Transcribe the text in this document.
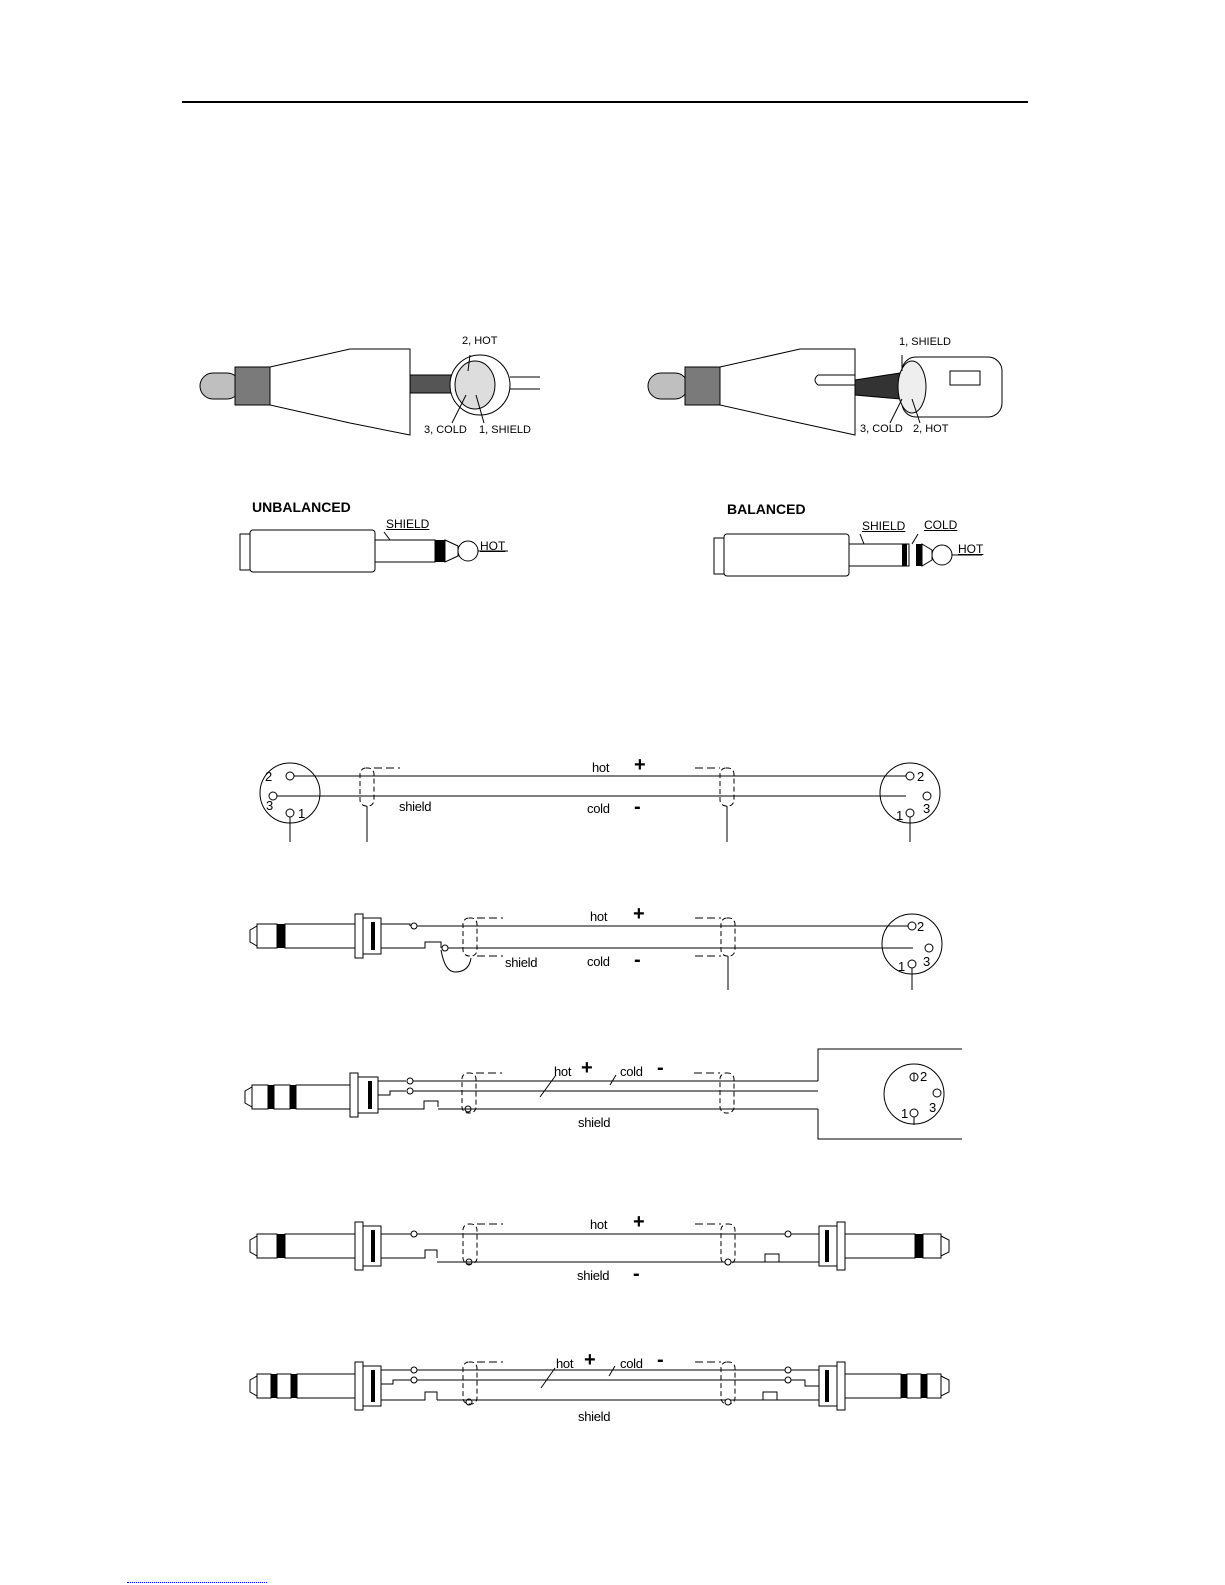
2, HOT
3, COLD 1, SHIELD
1, SHIELD
3, COLD 2, HOT
UNBALANCED
SHIELD
HOT
BALANCED
SHIELD COLD
HOT
2
3
1	shield
hot +
cold -
2
1 3
hot +
shield	cold -
2
1 3
hot + cold -
shield
2
1 3
hot +
shield -
hot + cold -
shield
